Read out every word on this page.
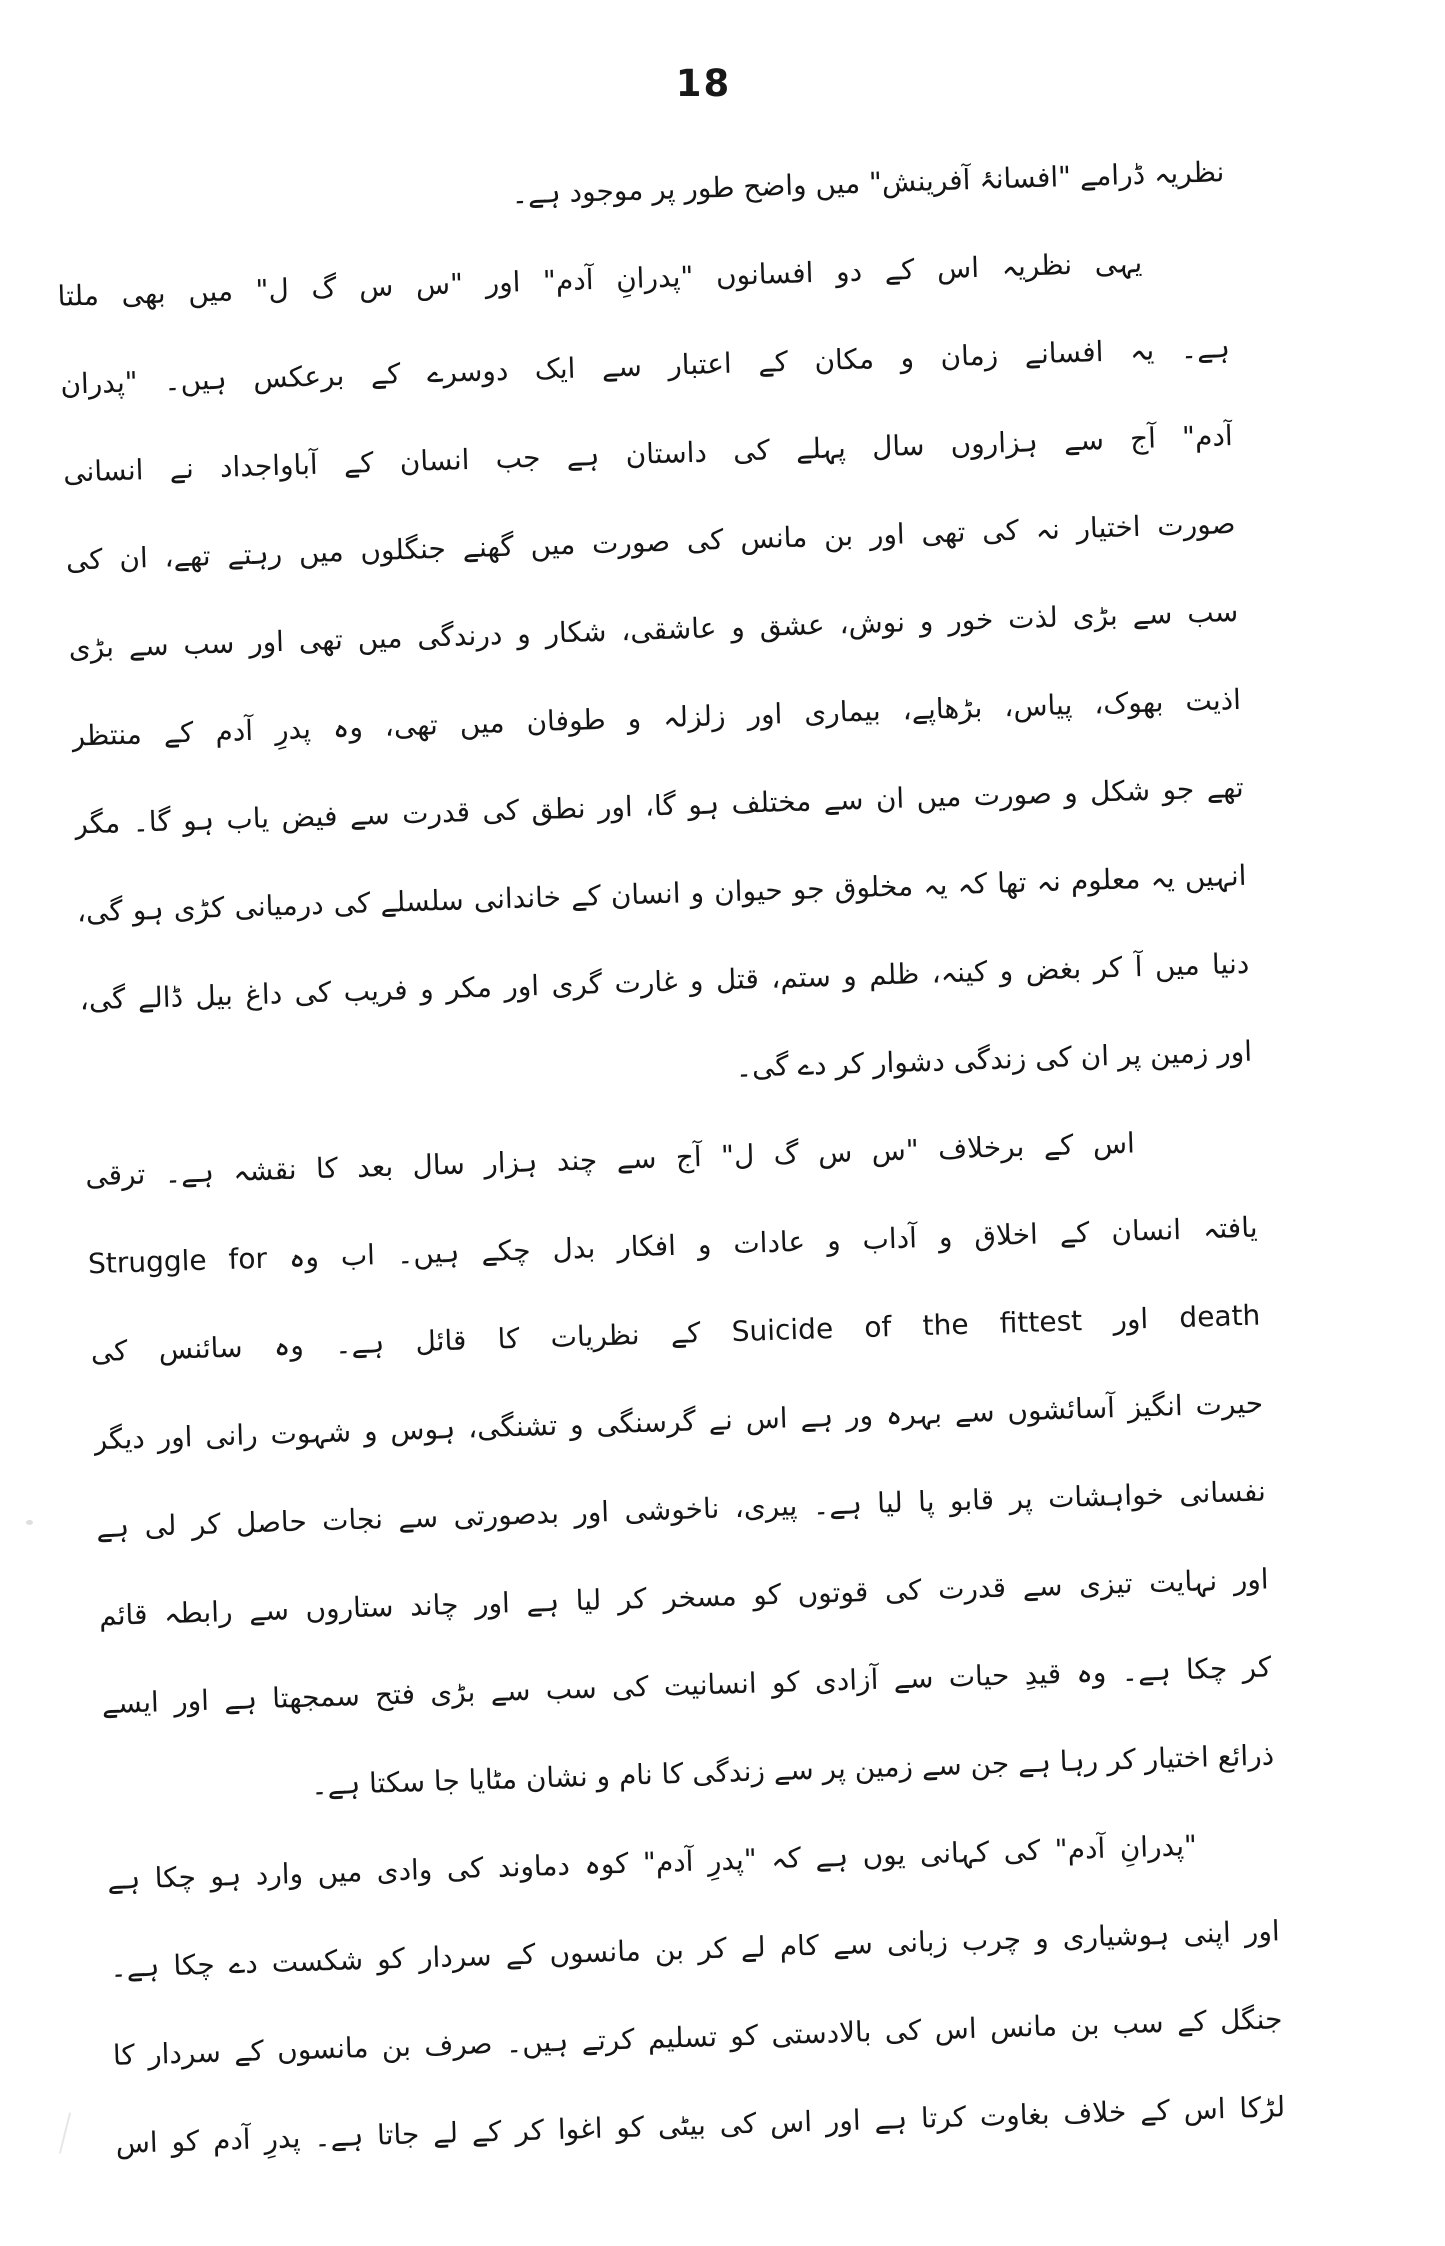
18

نظریہ ڈرامے "افسانۂ آفرینش" میں واضح طور پر موجود ہے۔

یہی نظریہ اس کے دو افسانوں "پدرانِ آدم" اور "س س گ ل" میں بھی ملتا

ہے۔ یہ افسانے زمان و مکان کے اعتبار سے ایک دوسرے کے برعکس ہیں۔ "پدران

آدم" آج سے ہزاروں سال پہلے کی داستان ہے جب انسان کے آباواجداد نے انسانی

صورت اختیار نہ کی تھی اور بن مانس کی صورت میں گھنے جنگلوں میں رہتے تھے، ان کی

سب سے بڑی لذت خور و نوش، عشق و عاشقی، شکار و درندگی میں تھی اور سب سے بڑی

اذیت بھوک، پیاس، بڑھاپے، بیماری اور زلزلہ و طوفان میں تھی، وہ پدرِ آدم کے منتظر

تھے جو شکل و صورت میں ان سے مختلف ہو گا، اور نطق کی قدرت سے فیض یاب ہو گا۔ مگر

انہیں یہ معلوم نہ تھا کہ یہ مخلوق جو حیوان و انسان کے خاندانی سلسلے کی درمیانی کڑی ہو گی،

دنیا میں آ کر بغض و کینہ، ظلم و ستم، قتل و غارت گری اور مکر و فریب کی داغ بیل ڈالے گی،

اور زمین پر ان کی زندگی دشوار کر دے گی۔

اس کے برخلاف "س س گ ل" آج سے چند ہزار سال بعد کا نقشہ ہے۔ ترقی

یافتہ انسان کے اخلاق و آداب و عادات و افکار بدل چکے ہیں۔ اب وہ Struggle for

death اور Suicide of the fittest کے نظریات کا قائل ہے۔ وہ سائنس کی

حیرت انگیز آسائشوں سے بہرہ ور ہے اس نے گرسنگی و تشنگی، ہوس و شہوت رانی اور دیگر

نفسانی خواہشات پر قابو پا لیا ہے۔ پیری، ناخوشی اور بدصورتی سے نجات حاصل کر لی ہے

اور نہایت تیزی سے قدرت کی قوتوں کو مسخر کر لیا ہے اور چاند ستاروں سے رابطہ قائم

کر چکا ہے۔ وہ قیدِ حیات سے آزادی کو انسانیت کی سب سے بڑی فتح سمجھتا ہے اور ایسے

ذرائع اختیار کر رہا ہے جن سے زمین پر سے زندگی کا نام و نشان مٹایا جا سکتا ہے۔

"پدرانِ آدم" کی کہانی یوں ہے کہ "پدرِ آدم" کوہ دماوند کی وادی میں وارد ہو چکا ہے

اور اپنی ہوشیاری و چرب زبانی سے کام لے کر بن مانسوں کے سردار کو شکست دے چکا ہے۔

جنگل کے سب بن مانس اس کی بالادستی کو تسلیم کرتے ہیں۔ صرف بن مانسوں کے سردار کا

لڑکا اس کے خلاف بغاوت کرتا ہے اور اس کی بیٹی کو اغوا کر کے لے جاتا ہے۔ پدرِ آدم کو اس
